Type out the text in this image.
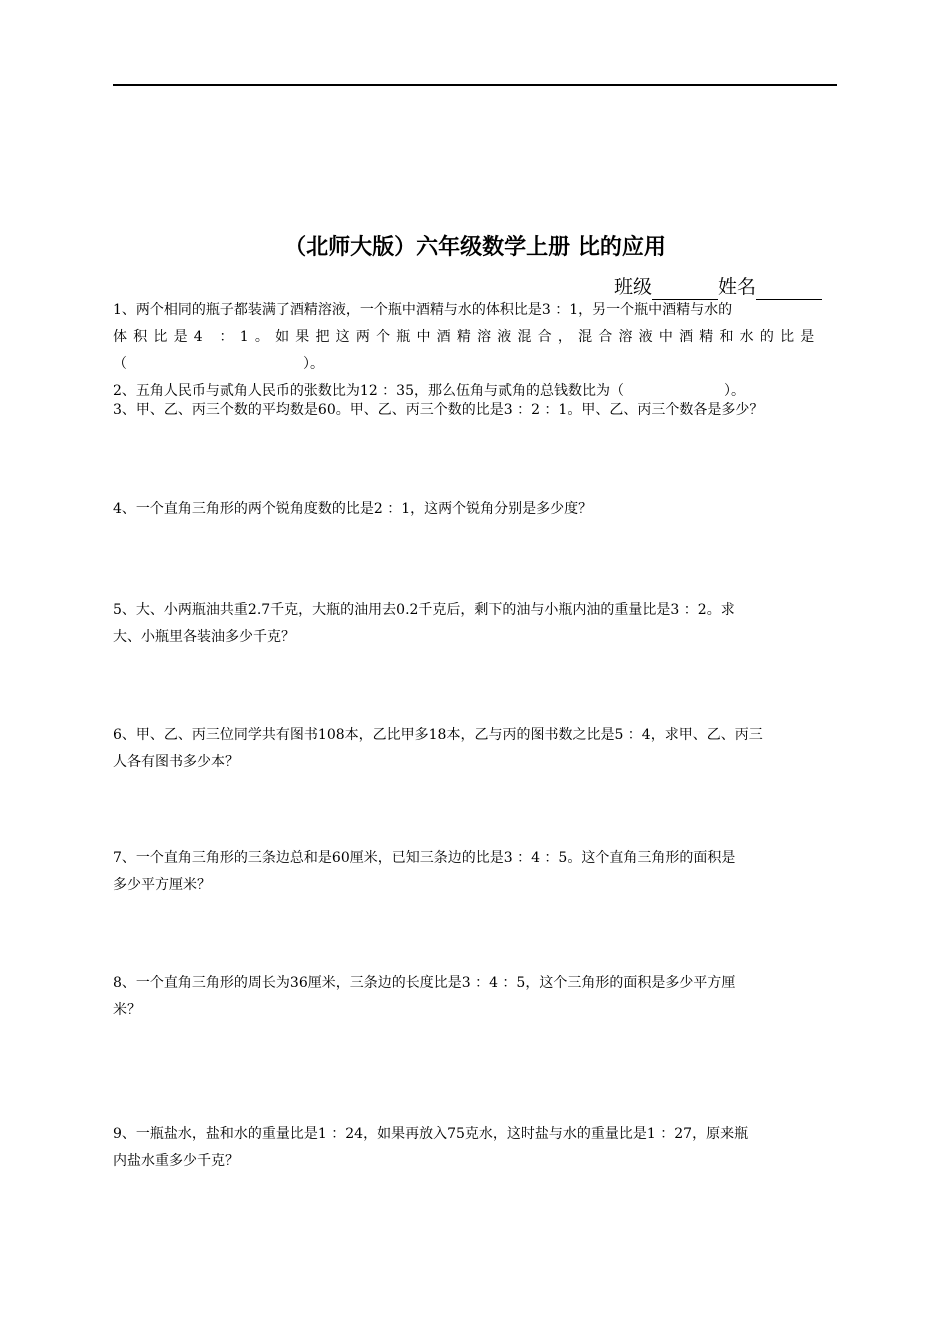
（北师大版）六年级数学上册 比的应用
班级	姓名
1、两个相同的瓶子都装满了酒精溶液，一个瓶中酒精与水的体积比是3 ：1，另一个瓶中酒精与水的
体积比是4 ：1。如果把这两个瓶中酒精溶液混合，混合溶液中酒精和水的比是
（	）。
2、五角人民币与贰角人民币的张数比为12 ：35，那么伍角与贰角的总钱数比为（	）。
3、甲、乙、丙三个数的平均数是60。甲、乙、丙三个数的比是3 ：2 ：1。甲、乙、丙三个数各是多少？
4、一个直角三角形的两个锐角度数的比是2 ：1，这两个锐角分别是多少度？
5、大、小两瓶油共重2.7千克，大瓶的油用去0.2千克后，剩下的油与小瓶内油的重量比是3 ：2。求
大、小瓶里各装油多少千克？
6、甲、乙、丙三位同学共有图书108本，乙比甲多18本，乙与丙的图书数之比是5 ：4，求甲、乙、丙三
人各有图书多少本？
7、一个直角三角形的三条边总和是60厘米，已知三条边的比是3 ：4 ：5。这个直角三角形的面积是
多少平方厘米？
8、一个直角三角形的周长为36厘米，三条边的长度比是3 ：4 ：5，这个三角形的面积是多少平方厘
米？
9、一瓶盐水，盐和水的重量比是1 ：24，如果再放入75克水，这时盐与水的重量比是1 ：27，原来瓶
内盐水重多少千克？
